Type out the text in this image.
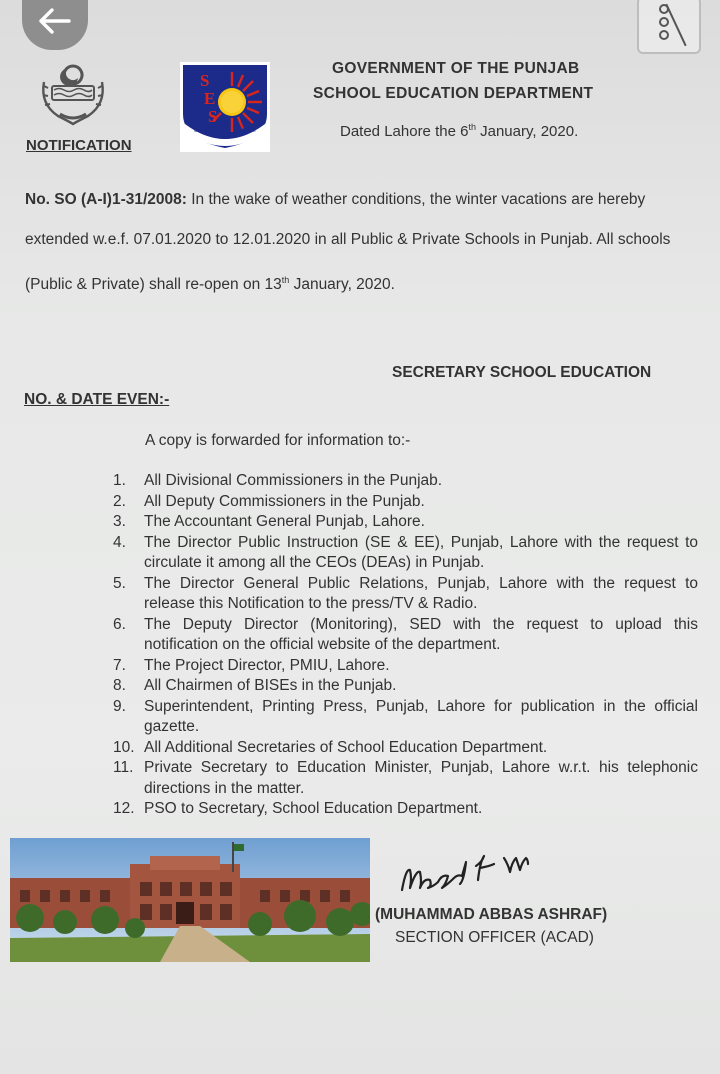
S
E
S
Unity
Faith
Vision
GOVERNMENT OF THE PUNJAB
SCHOOL EDUCATION DEPARTMENT
Dated Lahore the 6th January, 2020.
NOTIFICATION
No. SO (A-I)1-31/2008: In the wake of weather conditions, the winter vacations are hereby extended w.e.f. 07.01.2020 to 12.01.2020 in all Public & Private Schools in Punjab. All schools (Public & Private) shall re-open on 13th January, 2020.
SECRETARY SCHOOL EDUCATION
NO. & DATE EVEN:-
A copy is forwarded for information to:-
1.	All Divisional Commissioners in the Punjab.
2.	All Deputy Commissioners in the Punjab.
3.	The Accountant General Punjab, Lahore.
4.	The Director Public Instruction (SE & EE), Punjab, Lahore with the request to circulate it among all the CEOs (DEAs) in Punjab.
5.	The Director General Public Relations, Punjab, Lahore with the request to release this Notification to the press/TV & Radio.
6.	The Deputy Director (Monitoring), SED with the request to upload this notification on the official website of the department.
7.	The Project Director, PMIU, Lahore.
8.	All Chairmen of BISEs in the Punjab.
9.	Superintendent, Printing Press, Punjab, Lahore for publication in the official gazette.
10. All Additional Secretaries of School Education Department.
11. Private Secretary to Education Minister, Punjab, Lahore w.r.t. his telephonic directions in the matter.
12. PSO to Secretary, School Education Department.
(MUHAMMAD ABBAS ASHRAF)
SECTION OFFICER (ACAD)
